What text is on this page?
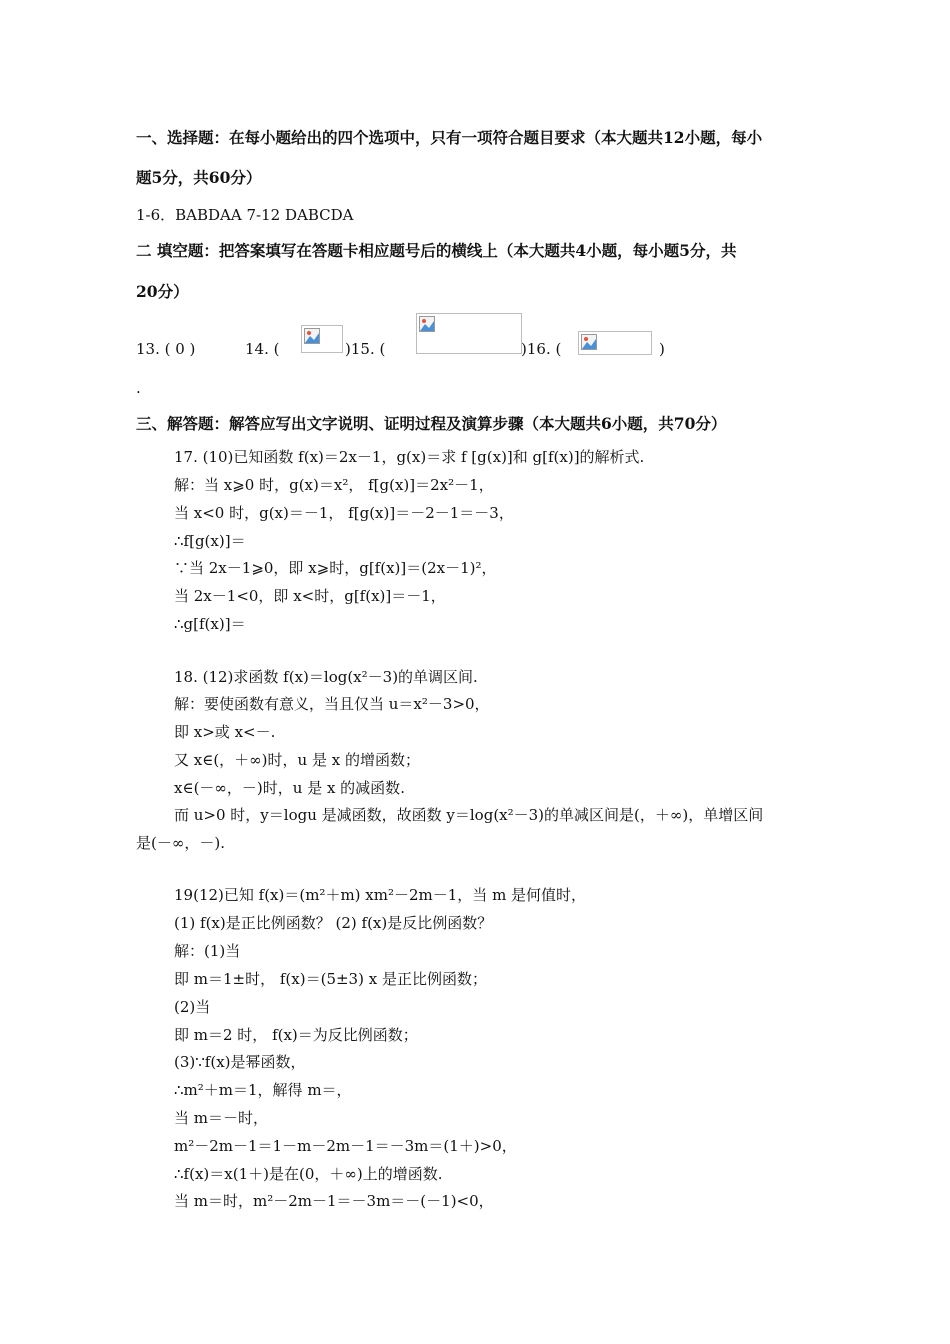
一、选择题：在每小题给出的四个选项中，只有一项符合题目要求（本大题共12小题，每小
题5分，共60分）
1-6．BABDAA 7-12 DABCDA
二 填空题：把答案填写在答题卡相应题号后的横线上（本大题共4小题，每小题5分，共
20分）
13. ( 0 )	14. (	)15. (	)16. (	)
.
三、解答题：解答应写出文字说明、证明过程及演算步骤（本大题共6小题，共70分）
17. (10)已知函数 f(x)＝2x－1，g(x)＝求 f [g(x)]和 g[f(x)]的解析式.
解：当 x⩾0 时，g(x)＝x²， f[g(x)]＝2x²－1，
当 x<0 时，g(x)＝－1， f[g(x)]＝－2－1＝－3，
∴f[g(x)]＝
∵当 2x－1⩾0，即 x⩾时，g[f(x)]＝(2x－1)²，
当 2x－1<0，即 x<时，g[f(x)]＝－1，
∴g[f(x)]＝
18. (12)求函数 f(x)＝log(x²－3)的单调区间.
解：要使函数有意义，当且仅当 u＝x²－3>0，
即 x>或 x<－.
又 x∈(，＋∞)时，u 是 x 的增函数；
x∈(－∞，－)时，u 是 x 的减函数.
而 u>0 时，y＝logu 是减函数，故函数 y＝log(x²－3)的单减区间是(，＋∞)，单增区间
是(－∞，－).
19(12)已知 f(x)＝(m²＋m) xm²－2m－1，当 m 是何值时，
(1) f(x)是正比例函数？ (2) f(x)是反比例函数？
解：(1)当
即 m＝1±时， f(x)＝(5±3) x 是正比例函数；
(2)当
即 m＝2 时， f(x)＝为反比例函数；
(3)∵f(x)是幂函数，
∴m²＋m＝1，解得 m＝，
当 m＝－时，
m²－2m－1＝1－m－2m－1＝－3m＝(1＋)>0，
∴f(x)＝x(1＋)是在(0，＋∞)上的增函数.
当 m＝时，m²－2m－1＝－3m＝－(－1)<0，
